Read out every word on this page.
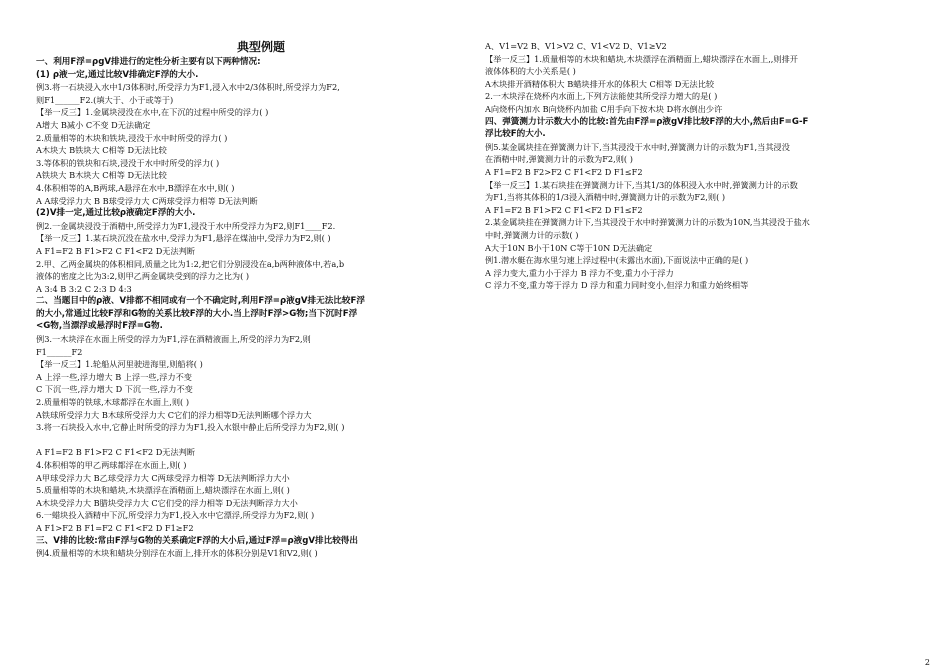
典型例题
一、利用F浮=ρgV排进行的定性分析主要有以下两种情况:
(1) ρ液一定,通过比较V排确定F浮的大小.
例3.将一石块浸入水中1/3体积时,所受浮力为F1,浸入水中2/3体积时,所受浮力为F2,
则F1______F2.(填大于、小于或等于)
【举一反三】1.金属块浸没在水中,在下沉的过程中所受的浮力( )
A增大 B减小 C不变 D无法确定
2.质量相等的木块和铁块,浸没于水中时所受的浮力( )
A木块大 B铁块大 C相等 D无法比较
3.等体积的铁块和石块,浸没于水中时所受的浮力( )
A铁块大 B木块大 C相等 D无法比较
4.体积相等的A,B两球,A悬浮在水中,B漂浮在水中,则( )
A A球受浮力大 B B球受浮力大 C两球受浮力相等 D无法判断
(2)V排一定,通过比较ρ液确定F浮的大小.
例2.一金属块浸没于酒精中,所受浮力为F1,浸没于水中所受浮力为F2,则F1____F2.
【举一反三】1.某石块沉没在盐水中,受浮力为F1,悬浮在煤油中,受浮力为F2,则( )
A F1=F2 B F1>F2 C F1<F2 D无法判断
2.甲、乙两金属块的体积相同,质量之比为1:2,把它们分别浸没在a,b两种液体中,若a,b
液体的密度之比为3:2,则甲乙两金属块受到的浮力之比为( )
A 3:4 B 3:2 C 2:3 D 4:3
二、当题目中的ρ液、V排都不相同或有一个不确定时,利用F浮=ρ液gV排无法比较F浮
的大小,常通过比较F浮和G物的关系比较F浮的大小.当上浮时F浮>G物;当下沉时F浮
<G物,当漂浮或悬浮时F浮=G物.
例3.一木块浮在水面上所受的浮力为F1,浮在酒精液面上,所受的浮力为F2,则
F1______F2
【举一反三】1.轮船从河里驶进海里,则船将( )
A 上浮一些,浮力增大 B 上浮一些,浮力不变
C 下沉一些,浮力增大 D 下沉一些,浮力不变
2.质量相等的铁球,木球都浮在水面上,则( )
A铁球所受浮力大 B木球所受浮力大 C它们的浮力相等D无法判断哪个浮力大
3.将一石块投入水中,它静止时所受的浮力为F1,投入水银中静止后所受浮力为F2,则( )

A F1=F2 B F1>F2 C F1<F2 D无法判断
4.体积相等的甲乙两球都浮在水面上,则( )
A甲球受浮力大 B乙球受浮力大 C两球受浮力相等 D无法判断浮力大小
5.质量相等的木块和蜡块,木块漂浮在酒精面上,蜡块漂浮在水面上,则( )
A木块受浮力大 B腊块受浮力大 C它们受的浮力相等 D无法判断浮力大小
6.一蜡块投入酒精中下沉,所受浮力为F1,投入水中它漂浮,所受浮力为F2,则( )
A F1>F2 B F1=F2 C F1<F2 D F1≥F2
三、V排的比较:常由F浮与G物的关系确定F浮的大小后,通过F浮=ρ液gV排比较得出
例4.质量相等的木块和蜡块分别浮在水面上,排开水的体积分别是V1和V2,则( )
A、V1=V2 B、V1>V2 C、V1<V2 D、V1≥V2
【举一反三】1.质量相等的木块和蜡块,木块漂浮在酒精面上,蜡块漂浮在水面上,,则排开
液体体积的大小关系是( )
A木块排开酒精体积大 B蜡块排开水的体积大 C相等 D无法比较
2.一木块浮在烧杯内水面上,下列方法能使其所受浮力增大的是( )
A向烧杯内加水 B向烧杯内加盐 C用手向下按木块 D将水倒出少许
四、弹簧测力计示数大小的比较:首先由F浮=ρ液gV排比较F浮的大小,然后由F=G-F
浮比较F的大小.
例5.某金属块挂在弹簧测力计下,当其浸没于水中时,弹簧测力计的示数为F1,当其浸没
在酒精中时,弹簧测力计的示数为F2,则( )
A F1=F2 B F2>F2 C F1<F2 D F1≤F2
【举一反三】1.某石块挂在弹簧测力计下,当其1/3的体积浸入水中时,弹簧测力计的示数
为F1,当将其体积的1/3浸入酒精中时,弹簧测力计的示数为F2,则( )
A F1=F2 B F1>F2 C F1<F2 D F1≤F2
2.某金属块挂在弹簧测力计下,当其浸没于水中时弹簧测力计的示数为10N,当其浸没于盐水
中时,弹簧测力计的示数( )
A大于10N B小于10N C等于10N D无法确定
例1.潜水艇在海水里匀速上浮过程中(未露出水面),下面说法中正确的是( )
A 浮力变大,重力小于浮力 B 浮力不变,重力小于浮力
C 浮力不变,重力等于浮力 D 浮力和重力同时变小,但浮力和重力始终相等
2
